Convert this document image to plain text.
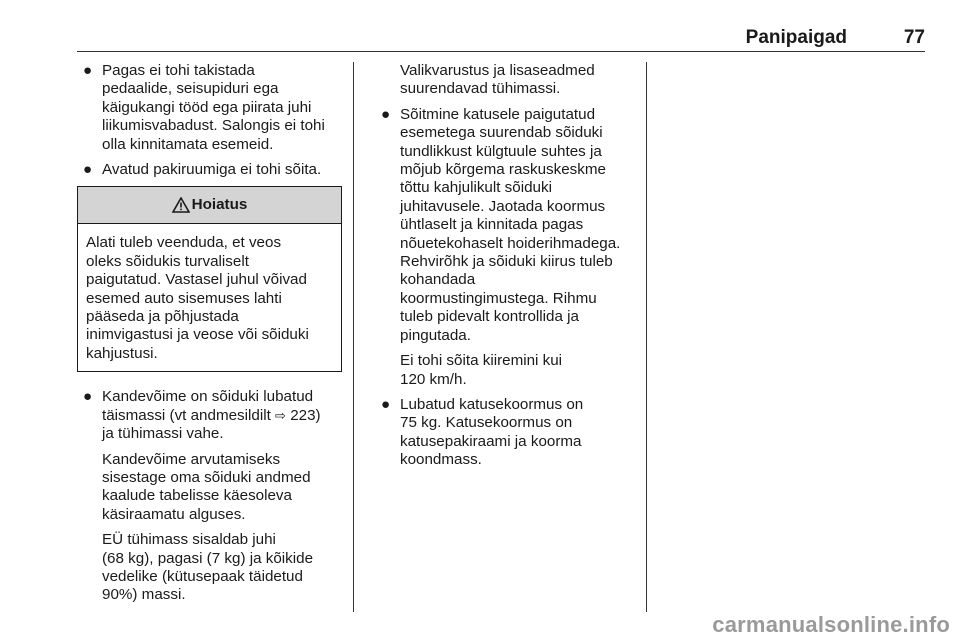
Panipaigad	77
● Pagas ei tohi takistada
pedaalide, seisupiduri ega
käigukangi tööd ega piirata juhi
liikumisvabadust. Salongis ei tohi
olla kinnitamata esemeid.
● Avatud pakiruumiga ei tohi sõita.
Hoiatus
Alati tuleb veenduda, et veos
oleks sõidukis turvaliselt
paigutatud. Vastasel juhul võivad
esemed auto sisemuses lahti
pääseda ja põhjustada
inimvigastusi ja veose või sõiduki
kahjustusi.
● Kandevõime on sõiduki lubatud
täismassi (vt andmesildilt ⇨ 223)
ja tühimassi vahe.
Kandevõime arvutamiseks
sisestage oma sõiduki andmed
kaalude tabelisse käesoleva
käsiraamatu alguses.
EÜ tühimass sisaldab juhi
(68 kg), pagasi (7 kg) ja kõikide
vedelike (kütusepaak täidetud
90%) massi.
Valikvarustus ja lisaseadmed
suurendavad tühimassi.
● Sõitmine katusele paigutatud
esemetega suurendab sõiduki
tundlikkust külgtuule suhtes ja
mõjub kõrgema raskuskeskme
tõttu kahjulikult sõiduki
juhitavusele. Jaotada koormus
ühtlaselt ja kinnitada pagas
nõuetekohaselt hoiderihmadega.
Rehvirõhk ja sõiduki kiirus tuleb
kohandada
koormustingimustega. Rihmu
tuleb pidevalt kontrollida ja
pingutada.
Ei tohi sõita kiiremini kui
120 km/h.
● Lubatud katusekoormus on
75 kg. Katusekoormus on
katusepakiraami ja koorma
koondmass.
carmanualsonline.info
